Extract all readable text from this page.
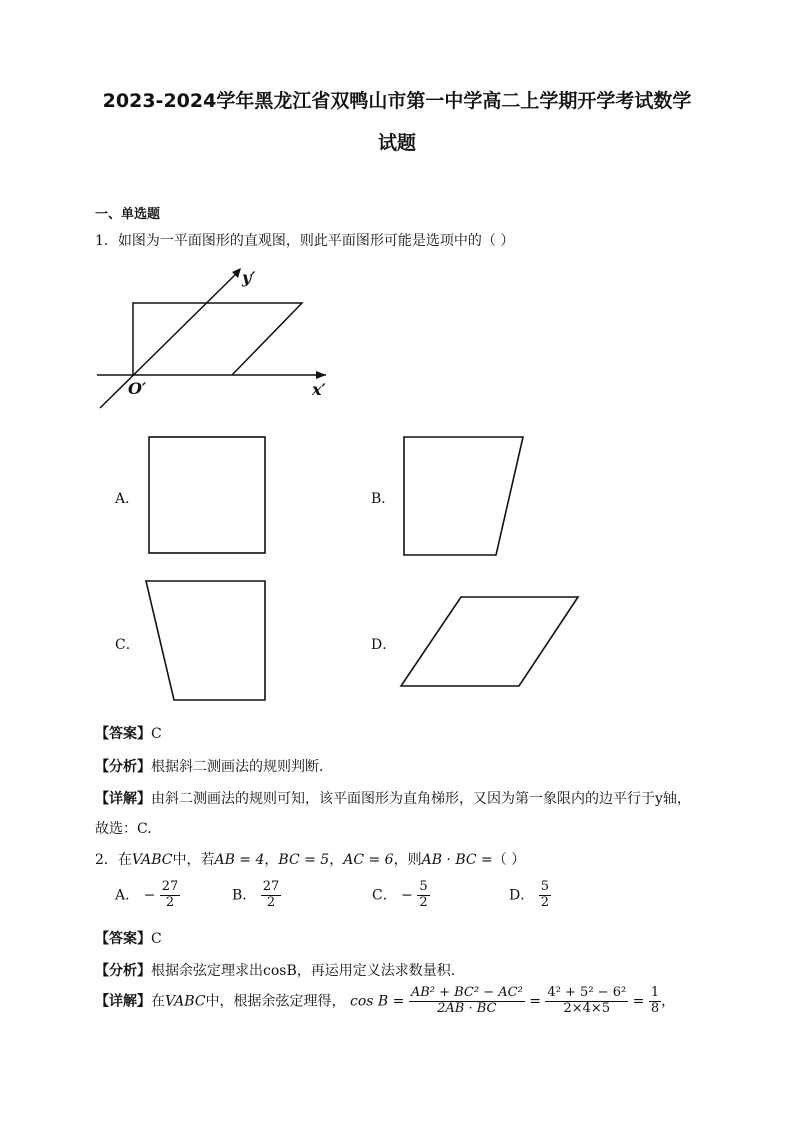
2023-2024学年黑龙江省双鸭山市第一中学高二上学期开学考试数学
试题
一、单选题
1．如图为一平面图形的直观图，则此平面图形可能是选项中的（ ）
y′
x′
O′
A．	B．
C．	D．
【答案】C
【分析】根据斜二测画法的规则判断．
【详解】由斜二测画法的规则可知，该平面图形为直角梯形，又因为第一象限内的边平行于y轴，
故选：C.
2．在VABC中，若AB = 4，BC = 5，AC = 6，则AB · BC =（ ）
A． − $\frac{27}{2}$	B． $\frac{27}{2}$	C． − $\frac{5}{2}$	D． $\frac{5}{2}$
【答案】C
【分析】根据余弦定理求出cosB，再运用定义法求数量积.
【详解】在VABC中，根据余弦定理得， $\cos B = \frac{\text{AB² + BC² − AC²}}{2AB \cdot BC} = \frac{\text{4² + 5² − 6²}}{2\times 4\times 5} = \frac{1}{8}$ ，
